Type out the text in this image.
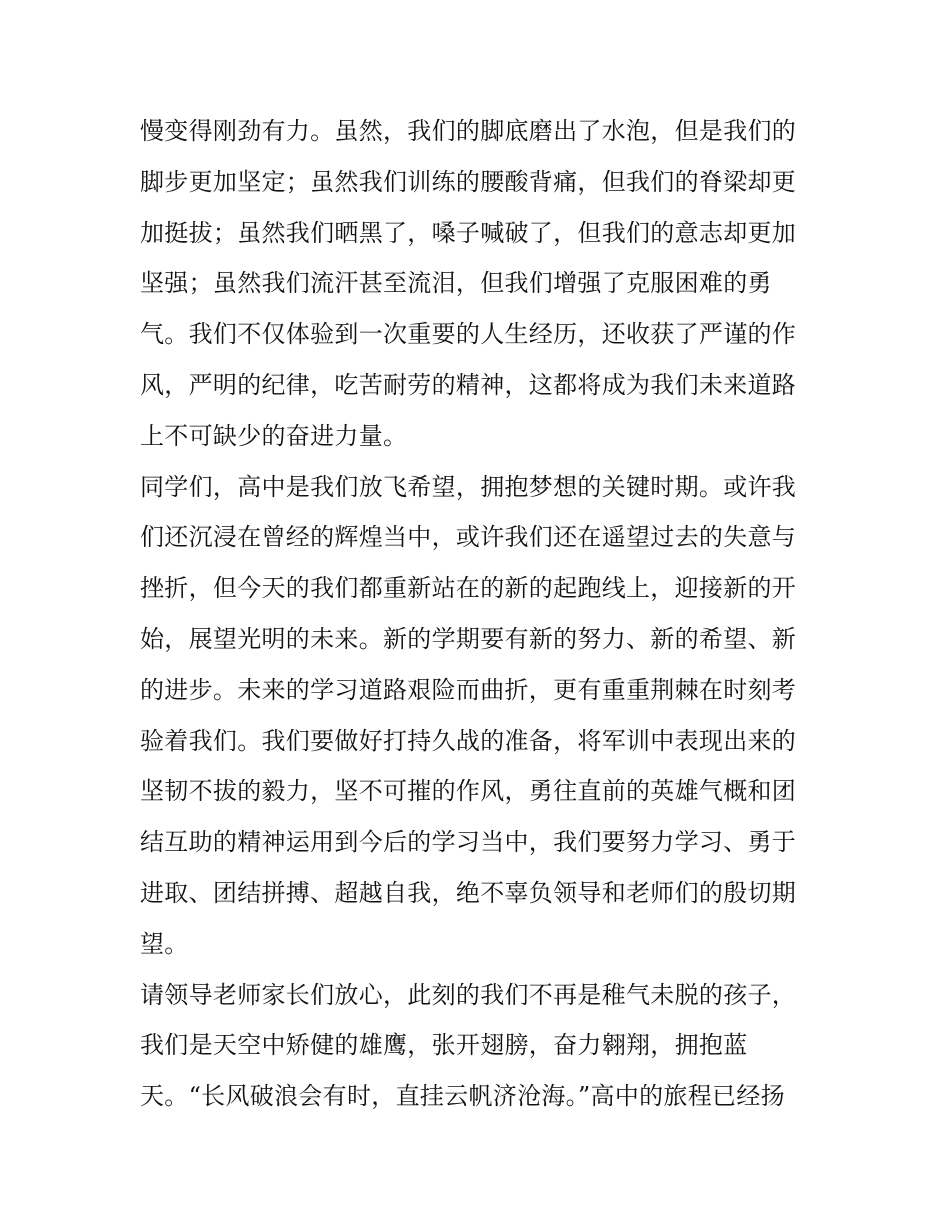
慢变得刚劲有力。虽然，我们的脚底磨出了水泡，但是我们的
脚步更加坚定；虽然我们训练的腰酸背痛，但我们的脊梁却更
加挺拔；虽然我们晒黑了，嗓子喊破了，但我们的意志却更加
坚强；虽然我们流汗甚至流泪，但我们增强了克服困难的勇
气。我们不仅体验到一次重要的人生经历，还收获了严谨的作
风，严明的纪律，吃苦耐劳的精神，这都将成为我们未来道路
上不可缺少的奋进力量。
同学们，高中是我们放飞希望，拥抱梦想的关键时期。或许我
们还沉浸在曾经的辉煌当中，或许我们还在遥望过去的失意与
挫折，但今天的我们都重新站在的新的起跑线上，迎接新的开
始，展望光明的未来。新的学期要有新的努力、新的希望、新
的进步。未来的学习道路艰险而曲折，更有重重荆棘在时刻考
验着我们。我们要做好打持久战的准备，将军训中表现出来的
坚韧不拔的毅力，坚不可摧的作风，勇往直前的英雄气概和团
结互助的精神运用到今后的学习当中，我们要努力学习、勇于
进取、团结拼搏、超越自我，绝不辜负领导和老师们的殷切期
望。
请领导老师家长们放心，此刻的我们不再是稚气未脱的孩子，
我们是天空中矫健的雄鹰，张开翅膀，奋力翱翔，拥抱蓝
天。“长风破浪会有时，直挂云帆济沧海。”高中的旅程已经扬
